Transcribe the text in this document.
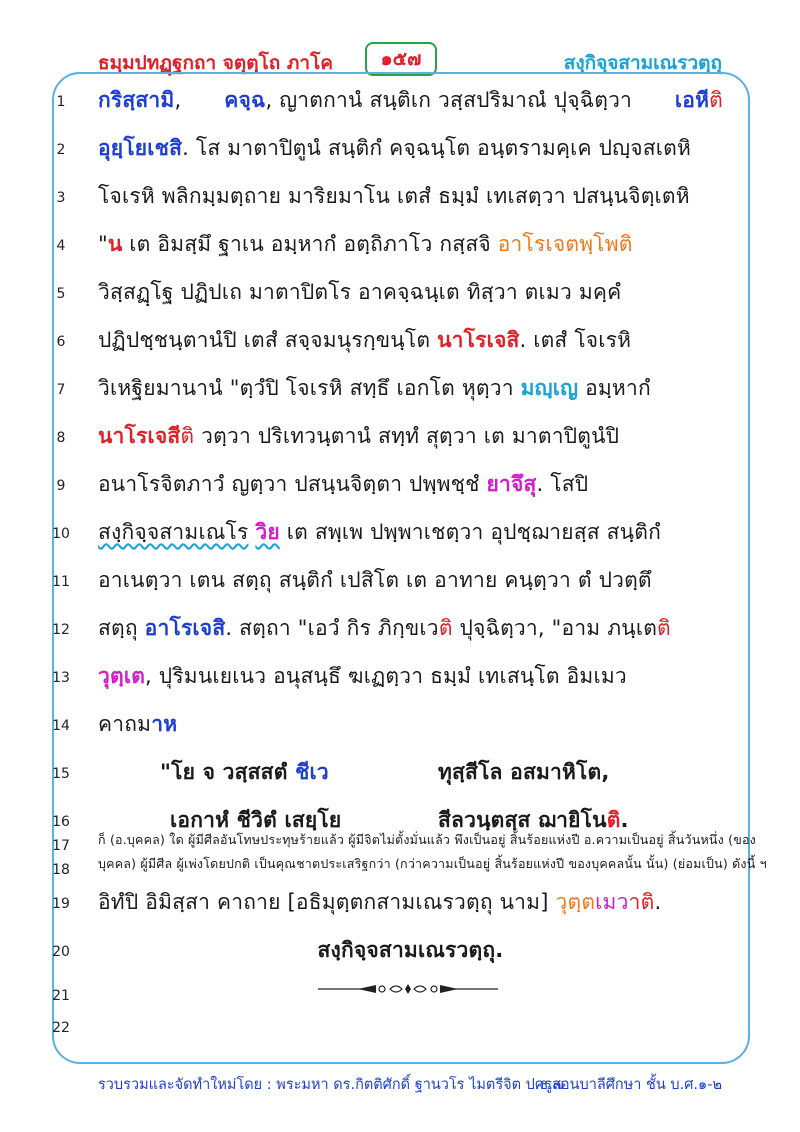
ธมฺมปทฏฺฐกถา จตุตฺโถ ภาโค	๑๕๗	สงฺกิจฺจสามเณรวตฺถุ
1	กริสฺสามิ, คจฺฉ, ญาตกานํ สนฺติเก วสฺสปริมาณํ ปุจฺฉิตฺวา เอหีติ
2	อุยฺโยเชสิ. โส มาตาปิตูนํ สนฺติกํ คจฺฉนฺโต อนฺตรามคฺเค ปญฺจสเตหิ
3	โจเรหิ พลิกมฺมตฺถาย มาริยมาโน เตสํ ธมฺมํ เทเสตฺวา ปสนฺนจิตฺเตหิ
4	"น เต อิมสฺมึ ฐาเน อมฺหากํ อตฺถิภาโว กสฺสจิ อาโรเจตพฺโพติ
5	วิสฺสฏฺโฐ ปฏิปเถ มาตาปิตโร อาคจฺฉนฺเต ทิสฺวา ตเมว มคฺคํ
6	ปฏิปชฺชนฺตานํปิ เตสํ สจฺจมนุรกฺขนฺโต นาโรเจสิ. เตสํ โจเรหิ
7	วิเหฐิยมานานํ "ตฺวํปิ โจเรหิ สทฺธึ เอกโต หุตฺวา มญฺเญ อมฺหากํ
8	นาโรเจสีติ วตฺวา ปริเทวนฺตานํ สทฺทํ สุตฺวา เต มาตาปิตูนํปิ
9	อนาโรจิตภาวํ ญตฺวา ปสนฺนจิตฺตา ปพฺพชฺชํ ยาจึสุ. โสปิ
10	สงฺกิจฺจสามเณโร วิย เต สพฺเพ ปพฺพาเชตฺวา อุปชฺฌายสฺส สนฺติกํ
11	อาเนตฺวา เตน สตฺถุ สนฺติกํ เปสิโต เต อาทาย คนฺตฺวา ตํ ปวตฺตึ
12	สตฺถุ อาโรเจสิ. สตฺถา "เอวํ กิร ภิกฺขเวติ ปุจฺฉิตฺวา, "อาม ภนฺเตติ
13	วุตฺเต, ปุริมนเยเนว อนุสนฺธึ ฆเฏตฺวา ธมฺมํ เทเสนฺโต อิมเมว
14	คาถมาห
15	"โย จ วสฺสสตํ ชีเว	ทุสฺสีโล อสมาหิโต,
16	เอกาหํ ชีวิตํ เสยฺโย	สีลวนฺตสฺส ฌายิโนติ.
17	ก็ (อ.บุคคล) ใด ผู้มีศีลอันโทษประทุษร้ายแล้ว ผู้มีจิตไม่ตั้งมั่นแล้ว พึงเป็นอยู่ สิ้นร้อยแห่งปี อ.ความเป็นอยู่ สิ้นวันหนึ่ง (ของ
18	บุคคล) ผู้มีศีล ผู้เพ่งโดยปกติ เป็นคุณชาตประเสริฐกว่า (กว่าความเป็นอยู่ สิ้นร้อยแห่งปี ของบุคคลนั้น นั้น) (ย่อมเป็น) ดังนี้ ฯ
19	อิทํปิ อิมิสฺสา คาถาย [อธิมุตฺตกสามเณรวตฺถุ นาม] วุตฺตเมวาติ.
20	สงฺกิจฺจสามเณรวตฺถุ.
21
22
รวบรวมและจัดทำใหม่โดย : พระมหา ดร.กิตติศักดิ์ ฐานวโร ไมตรีจิต ป.ธ.๗
ครูสอนบาลีศึกษา ชั้น บ.ศ.๑-๒
